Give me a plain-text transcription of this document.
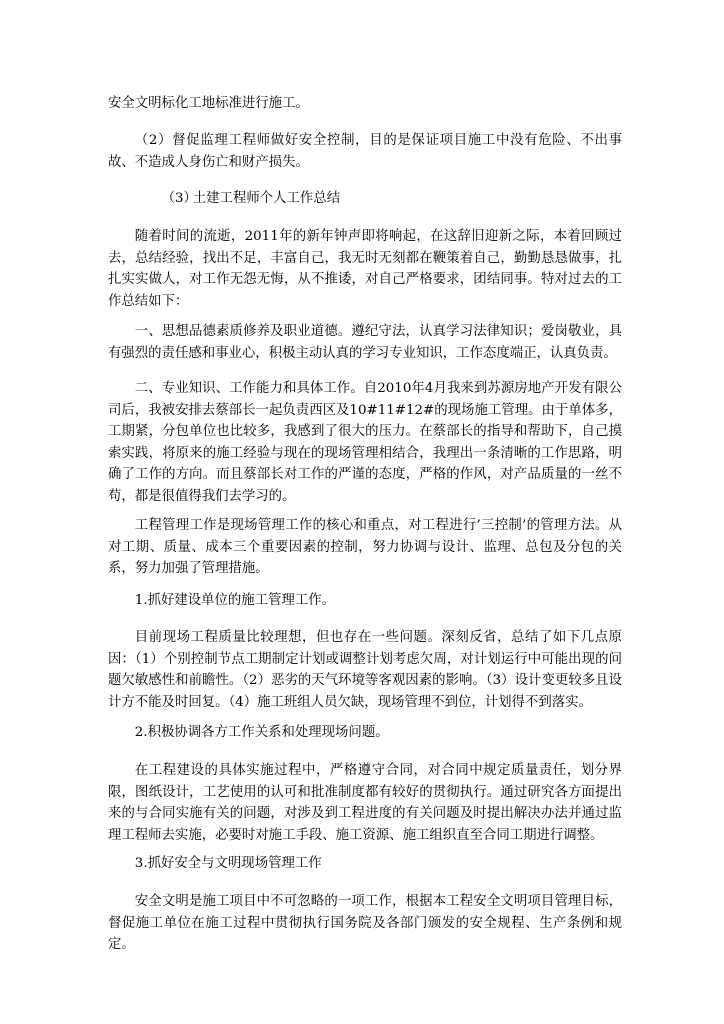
安全文明标化工地标准进行施工。

（2）督促监理工程师做好安全控制，目的是保证项目施工中没有危险、不出事故、不造成人身伤亡和财产损失。

（3）土建工程师个人工作总结

随着时间的流逝，2011年的新年钟声即将响起，在这辞旧迎新之际，本着回顾过去，总结经验，找出不足，丰富自己，我无时无刻都在鞭策着自己，勤勤恳恳做事，扎扎实实做人，对工作无怨无悔，从不推诿，对自己严格要求，团结同事。特对过去的工作总结如下：

一、思想品德素质修养及职业道德。遵纪守法，认真学习法律知识；爱岗敬业，具有强烈的责任感和事业心，积极主动认真的学习专业知识，工作态度端正，认真负责。

二、专业知识、工作能力和具体工作。自2010年4月我来到苏源房地产开发有限公司后，我被安排去蔡部长一起负责西区及10#11#12#的现场施工管理。由于单体多，工期紧，分包单位也比较多，我感到了很大的压力。在蔡部长的指导和帮助下，自己摸索实践，将原来的施工经验与现在的现场管理相结合，我理出一条清晰的工作思路，明确了工作的方向。而且蔡部长对工作的严谨的态度，严格的作风，对产品质量的一丝不苟，都是很值得我们去学习的。

工程管理工作是现场管理工作的核心和重点，对工程进行’三控制’的管理方法。从对工期、质量、成本三个重要因素的控制，努力协调与设计、监理、总包及分包的关系，努力加强了管理措施。

1.抓好建设单位的施工管理工作。

目前现场工程质量比较理想，但也存在一些问题。深刻反省，总结了如下几点原因：（1）个别控制节点工期制定计划或调整计划考虑欠周，对计划运行中可能出现的问题欠敏感性和前瞻性。（2）恶劣的天气环境等客观因素的影响。（3）设计变更较多且设计方不能及时回复。（4）施工班组人员欠缺，现场管理不到位，计划得不到落实。

2.积极协调各方工作关系和处理现场问题。

在工程建设的具体实施过程中，严格遵守合同，对合同中规定质量责任，划分界限，图纸设计，工艺使用的认可和批准制度都有较好的贯彻执行。通过研究各方面提出来的与合同实施有关的问题，对涉及到工程进度的有关问题及时提出解决办法并通过监理工程师去实施，必要时对施工手段、施工资源、施工组织直至合同工期进行调整。

3.抓好安全与文明现场管理工作

安全文明是施工项目中不可忽略的一项工作，根据本工程安全文明项目管理目标，督促施工单位在施工过程中贯彻执行国务院及各部门颁发的安全规程、生产条例和规定。
